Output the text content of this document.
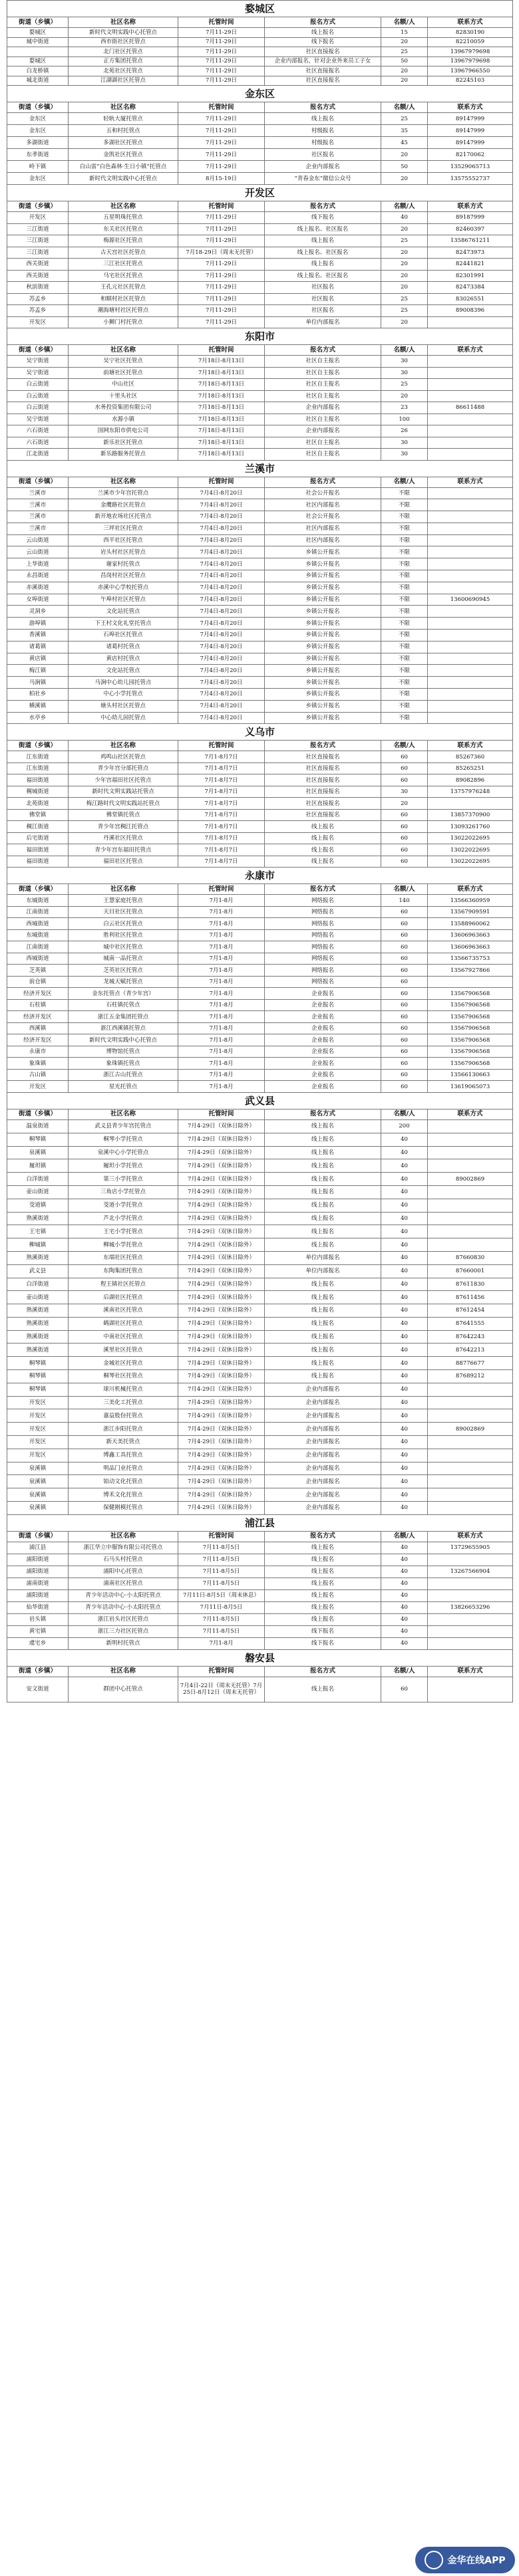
婺城区					
街道（乡镇）	社区名称	托管时间	报名方式	名额/人	联系方式
婺城区	新时代文明实践中心托管点	7月11-29日	线上报名	15	82830190
城中街道	西市街社区托管点	7月11-29日	线下报名	20	82210059
	北门社区托管点	7月11-29日	社区直接报名	25	13967979698
婺城区	正方集团托管点	7月11-29日	企业内部报名，针对企业外来员工子女	50	13967979698
白龙桥镇	北苑社区托管点	7月11-29日	社区直接报名	20	13967966550
城北街道	江湖湖社区托管点	7月11-29日	社区直接报名	20	82245103
金东区					
街道（乡镇）	社区名称	托管时间	报名方式	名额/人	联系方式
金东区	轻轨大厦托管点	7月11-29日	线上报名	25	89147999
金东区	五和村托管点	7月11-29日	村级报名	35	89147999
多湖街道	多湖社区托管点	7月11-29日	村级报名	45	89147999
东孝街道	金凯社区托管点	7月11-29日	社区报名	20	82170062
岭下镇	白山雷“白色森林·生日小镇”托管点	7月11-29日	企业内部报名	50	13529065713
金东区	新时代文明实践中心托管点	8月15-19日	“青春金东”微信公众号	20	13575552737
开发区					
街道（乡镇）	社区名称	托管时间	报名方式	名额/人	联系方式
开发区	五星明珠托管点	7月11-29日	线下报名	40	89187999
三江街道	东关社区托管点	7月11-29日	线上报名、社区报名	20	82460397
三江街道	梅源社区托管点	7月11-29日	线上报名	25	13586761211
三江街道	古天宫社区托管点	7月18-29日（周末无托管）	线上报名、社区报名	20	82473973
西关街道	三江社区托管点	7月11-29日	线上报名	20	82441821
西关街道	马宅社区托管点	7月11-29日	线上报名、社区报名	20	82301991
秋滨街道	王孔元社区托管点	7月11-29日	社区报名	20	82473384
苏孟乡	和顺村社区托管点	7月11-29日	社区报名	25	83026551
苏孟乡	潮海塘村社区托管点	7月11-29日	社区报名	25	89008396
开发区	小狮门村托管点	7月11-29日	单位内部报名	20	
东阳市					
街道（乡镇）	社区名称	托管时间	报名方式	名额/人	联系方式
吴宁街道	吴宁社区托管点	7月18日-8月13日	社区自主报名	30	
吴宁街道	前塘社区托管点	7月18日-8月13日	社区自主报名	30	
白云街道	中山社区	7月18日-8月13日	社区自主报名	25	
白云街道	十里头社区	7月18日-8月13日	社区自主报名	20	
白云街道	水务投资集团有限公司	7月18日-8月13日	企业内部报名	23	86611488
吴宁街道	水源小镇	7月18日-8月13日	社区自主报名	100	
六石街道	国网东阳市供电公司	7月18日-8月13日	企业内部报名	26	
六石街道	新乐社区托管点	7月18日-8月13日	社区自主报名	30	
江北街道	新乐路服务托管点	7月18日-8月13日	社区自主报名	30	
兰溪市					
街道（乡镇）	社区名称	托管时间	报名方式	名额/人	联系方式
兰溪市	兰溪市少年宫托管点	7月4日-8月20日	社会公开报名	不限	
兰溪市	金鹰路社区托管点	7月4日-8月20日	社区内部报名	不限	
兰溪市	新开地农场社区托管点	7月4日-8月20日	社会公开报名	不限	
兰溪市	三坪社区托管点	7月4日-8月20日	社区内部报名	不限	
云山街道	西平社区托管点	7月4日-8月20日	社区内部报名	不限	
云山街道	岩头村社区托管点	7月4日-8月20日	乡镇公开报名	不限	
上华街道	谢家村托管点	7月4日-8月20日	乡镇公开报名	不限	
永昌街道	昌岗村社区托管点	7月4日-8月20日	乡镇公开报名	不限	
赤溪街道	赤溪中心学校托管点	7月4日-8月20日	乡镇公开报名	不限	
女埠街道	午埠村社区托管点	7月4日-8月20日	乡镇公开报名	不限	13600690945
灵洞乡	文化站托管点	7月4日-8月20日	乡镇公开报名	不限	
游埠镇	下王村文化礼堂托管点	7月4日-8月20日	乡镇公开报名	不限	
香溪镇	石埠社区托管点	7月4日-8月20日	乡镇公开报名	不限	
诸葛镇	诸葛村托管点	7月4日-8月20日	乡镇公开报名	不限	
黄店镇	黄店村托管点	7月4日-8月20日	乡镇公开报名	不限	
梅江镇	文化站托管点	7月4日-8月20日	乡镇公开报名	不限	
马涧镇	马涧中心幼儿园托管点	7月4日-8月20日	乡镇公开报名	不限	
柏社乡	中心小学托管点	7月4日-8月20日	乡镇公开报名	不限	
横溪镇	塘头村社区托管点	7月4日-8月20日	乡镇公开报名	不限	
水亭乡	中心幼儿园托管点	7月4日-8月20日	乡镇公开报名	不限	
义乌市					
街道（乡镇）	社区名称	托管时间	报名方式	名额/人	联系方式
江东街道	鸡鸣山社区托管点	7月1-8月7日	社区直接报名	60	85267360
江东街道	青少年宫分部托管点	7月1-8月7日	社区直接报名	60	85265251
福田街道	少年宫福田社区托管点	7月1-8月7日	社区直接报名	60	89082896
稠城街道	新时代文明实践站托管点	7月1-8月7日	社区直接报名	30	13757976248
北苑街道	梅江路时代文明实践站托管点	7月1-8月7日	社区直接报名	20	
佛堂镇	佛堂镇托管点	7月1-8月7日	社区直接报名	60	13857370900
稠江街道	青少年宫稠江托管点	7月1-8月7日	线上报名	60	13093261760
后宅街道	丹溪社区托管点	7月1-8月7日	线上报名	60	13022022695
福田街道	青少年宫东福田托管点	7月1-8月7日	线上报名	60	13022022695
福田街道	福田社区托管点	7月1-8月7日	线上报名	60	13022022695
永康市					
街道（乡镇）	社区名称	托管时间	报名方式	名额/人	联系方式
东城街道	王慧家庭托管点	7月1-8月	网络报名	140	13566360959
江南街道	天目社区托管点	7月1-8月	网络报名	60	13567909591
西城街道	白云社区托管点	7月1-8月	网络报名	60	13588960062
东城街道	胜利社区托管点	7月1-8月	网络报名	60	13606963663
江南街道	城中社区托管点	7月1-8月	网络报名	60	13606963663
西城街道	城南一品托管点	7月1-8月	网络报名	60	13566735753
芝英镇	芝英社区托管点	7月1-8月	网络报名	60	13567927866
前仓镇	龙城天赋托管点	7月1-8月	网络报名	60	
经济开发区	金东托管点（青少年宫）	7月1-8月	企业报名	60	13567906568
石柱镇	石柱镇托管点	7月1-8月	企业报名	60	13567906568
经济开发区	浙江五金集团托管点	7月1-8月	企业报名	60	13567906568
西溪镇	浙江西溪镇托管点	7月1-8月	企业报名	60	13567906568
经济开发区	新时代文明实践中心托管点	7月1-8月	企业报名	60	13567906568
永康市	博物馆托管点	7月1-8月	企业报名	60	13567906568
象珠镇	象珠镇托管点	7月1-8月	企业报名	60	13567906568
古山镇	浙江古山托管点	7月1-8月	企业报名	60	13566130663
开发区	星光托管点	7月1-8月	企业报名	60	13619065073
武义县					
街道（乡镇）	社区名称	托管时间	报名方式	名额/人	联系方式
温泉街道	武义县青少年宫托管点	7月4-29日（双休日除外）	线上报名	200	
桐琴镇	桐琴小学托管点	7月4-29日（双休日除外）	线上报名	40	
泉溪镇	泉溪中心小学托管点	7月4-29日（双休日除外）	线上报名	40	
履坦镇	履坦小学托管点	7月4-29日（双休日除外）	线上报名	40	
白洋街道	第三小学托管点	7月4-29日（双休日除外）	线上报名	40	89002869
壶山街道	三角店小学托管点	7月4-29日（双休日除外）	线上报名	40	
茭道镇	茭道小学托管点	7月4-29日（双休日除外）	线上报名	40	
熟溪街道	芦北小学托管点	7月4-29日（双休日除外）	线上报名	40	
王宅镇	王宅小学托管点	7月4-29日（双休日除外）	线上报名	40	
柳城镇	柳城小学托管点	7月4-29日（双休日除外）	线上报名	40	
熟溪街道	东端社区托管点	7月4-29日（双休日除外）	单位内部报名	40	87660830
武义县	东陶集团托管点	7月4-29日（双休日除外）	单位内部报名	40	87660001
白洋街道	程王镇社区托管点	7月4-29日（双休日除外）	线上报名	40	87611830
壶山街道	后湖社区托管点	7月4-29日（双休日除外）	线上报名	40	87611456
熟溪街道	溪南社区托管点	7月4-29日（双休日除外）	线上报名	40	87612454
熟溪街道	鹤湖社区托管点	7月4-29日（双休日除外）	线上报名	40	87641555
熟溪街道	中南社区托管点	7月4-29日（双休日除外）	线上报名	40	87642243
熟溪街道	溪里社区托管点	7月4-29日（双休日除外）	线上报名	40	87642213
桐琴镇	金城社区托管点	7月4-29日（双休日除外）	线上报名	40	88776677
桐琴镇	桐琴社区托管点	7月4-29日（双休日除外）	线上报名	40	87689212
桐琴镇	球川机械托管点	7月4-29日（双休日除外）	企业内部报名	40	
开发区	三美化工托管点	7月4-29日（双休日除外）	企业内部报名	40	
开发区	嘉益股份托管点	7月4-29日（双休日除外）	企业内部报名	40	
开发区	浙江步阳托管点	7月4-29日（双休日除外）	企业内部报名	40	89002869
开发区	新天美托管点	7月4-29日（双休日除外）	企业内部报名	40	
开发区	博鑫工具托管点	7月4-29日（双休日除外）	企业内部报名	40	
泉溪镇	明品门业托管点	7月4-29日（双休日除外）	企业内部报名	40	
泉溪镇	铂动文化托管点	7月4-29日（双休日除外）	企业内部报名	40	
泉溪镇	博禾文化托管点	7月4-29日（双休日除外）	企业内部报名	40	
泉溪镇	保健刚模托管点	7月4-29日（双休日除外）	企业内部报名	40	
浦江县					
街道（乡镇）	社区名称	托管时间	报名方式	名额/人	联系方式
浦江县	浙江华立中服饰有限公司托管点	7月11-8月5日	线上报名	40	13729655905
浦阳街道	石马头村托管点	7月11-8月5日	线上报名	40	
浦阳街道	浦阳中心托管点	7月11-8月5日	线上报名	40	13267566904
浦南街道	浦南社区托管点	7月11-8月5日	线上报名	40	
浦阳街道	青少年活动中心·小太阳托管点	7月11日-8月5日（周末休息）	线上报名	40	
仙华街道	青少年活动中心·小太阳托管点	7月11日-8月5日	线上报名	40	13826653296
岩头镇	浙江岩头社区托管点	7月11-8月5日	线上报名	40	
黄宅镇	浙江三力社区托管点	7月11-8月5日	线下报名	40	
虞宅乡	新明村托管点	7月1-8月	线下报名	40	
磐安县					
街道（乡镇）	社区名称	托管时间	报名方式	名额/人	联系方式
安文街道	群团中心托管点	7月4日-22日（周末无托管）7月25日-8月12日（周末无托管）	线上报名	60	
金华在线APP
